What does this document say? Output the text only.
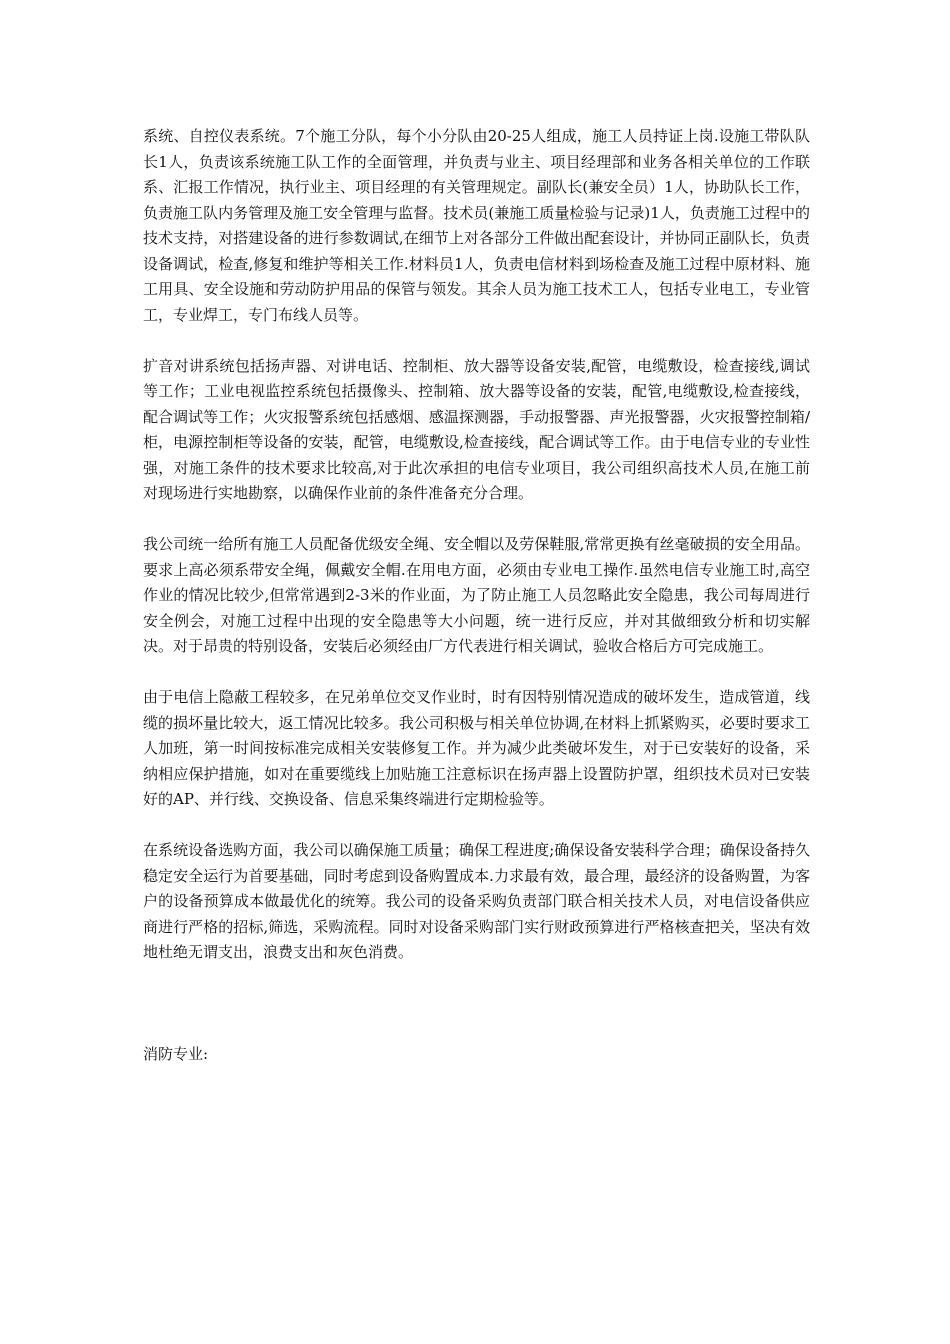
系统、自控仪表系统。7个施工分队，每个小分队由20-25人组成，施工人员持证上岗.设施工带队队长1人，负责该系统施工队工作的全面管理，并负责与业主、项目经理部和业务各相关单位的工作联系、汇报工作情况，执行业主、项目经理的有关管理规定。副队长(兼安全员）1人，协助队长工作，负责施工队内务管理及施工安全管理与监督。技术员(兼施工质量检验与记录)1人，负责施工过程中的技术支持，对搭建设备的进行参数调试,在细节上对各部分工件做出配套设计，并协同正副队长，负责设备调试，检查,修复和维护等相关工作.材料员1人，负责电信材料到场检查及施工过程中原材料、施工用具、安全设施和劳动防护用品的保管与领发。其余人员为施工技术工人，包括专业电工，专业管工，专业焊工，专门布线人员等。

扩音对讲系统包括扬声器、对讲电话、控制柜、放大器等设备安装,配管，电缆敷设，检查接线,调试等工作；工业电视监控系统包括摄像头、控制箱、放大器等设备的安装，配管,电缆敷设,检查接线，配合调试等工作；火灾报警系统包括感烟、感温探测器，手动报警器、声光报警器，火灾报警控制箱/柜，电源控制柜等设备的安装，配管，电缆敷设,检查接线，配合调试等工作。由于电信专业的专业性强，对施工条件的技术要求比较高,对于此次承担的电信专业项目，我公司组织高技术人员,在施工前对现场进行实地勘察，以确保作业前的条件准备充分合理。

我公司统一给所有施工人员配备优级安全绳、安全帽以及劳保鞋服,常常更换有丝毫破损的安全用品。要求上高必须系带安全绳，佩戴安全帽.在用电方面，必须由专业电工操作.虽然电信专业施工时,高空作业的情况比较少,但常常遇到2-3米的作业面，为了防止施工人员忽略此安全隐患，我公司每周进行安全例会，对施工过程中出现的安全隐患等大小问题，统一进行反应，并对其做细致分析和切实解决。对于昂贵的特别设备，安装后必须经由厂方代表进行相关调试，验收合格后方可完成施工。

由于电信上隐蔽工程较多，在兄弟单位交叉作业时，时有因特别情况造成的破坏发生，造成管道，线缆的损坏量比较大，返工情况比较多。我公司积极与相关单位协调,在材料上抓紧购买，必要时要求工人加班，第一时间按标准完成相关安装修复工作。并为减少此类破坏发生，对于已安装好的设备，采纳相应保护措施，如对在重要缆线上加贴施工注意标识在扬声器上设置防护罩，组织技术员对已安装好的AP、并行线、交换设备、信息采集终端进行定期检验等。

在系统设备选购方面，我公司以确保施工质量；确保工程进度;确保设备安装科学合理；确保设备持久稳定安全运行为首要基础，同时考虑到设备购置成本.力求最有效，最合理，最经济的设备购置，为客户的设备预算成本做最优化的统筹。我公司的设备采购负责部门联合相关技术人员，对电信设备供应商进行严格的招标,筛选，采购流程。同时对设备采购部门实行财政预算进行严格核查把关，坚决有效地杜绝无谓支出，浪费支出和灰色消费。

消防专业:
